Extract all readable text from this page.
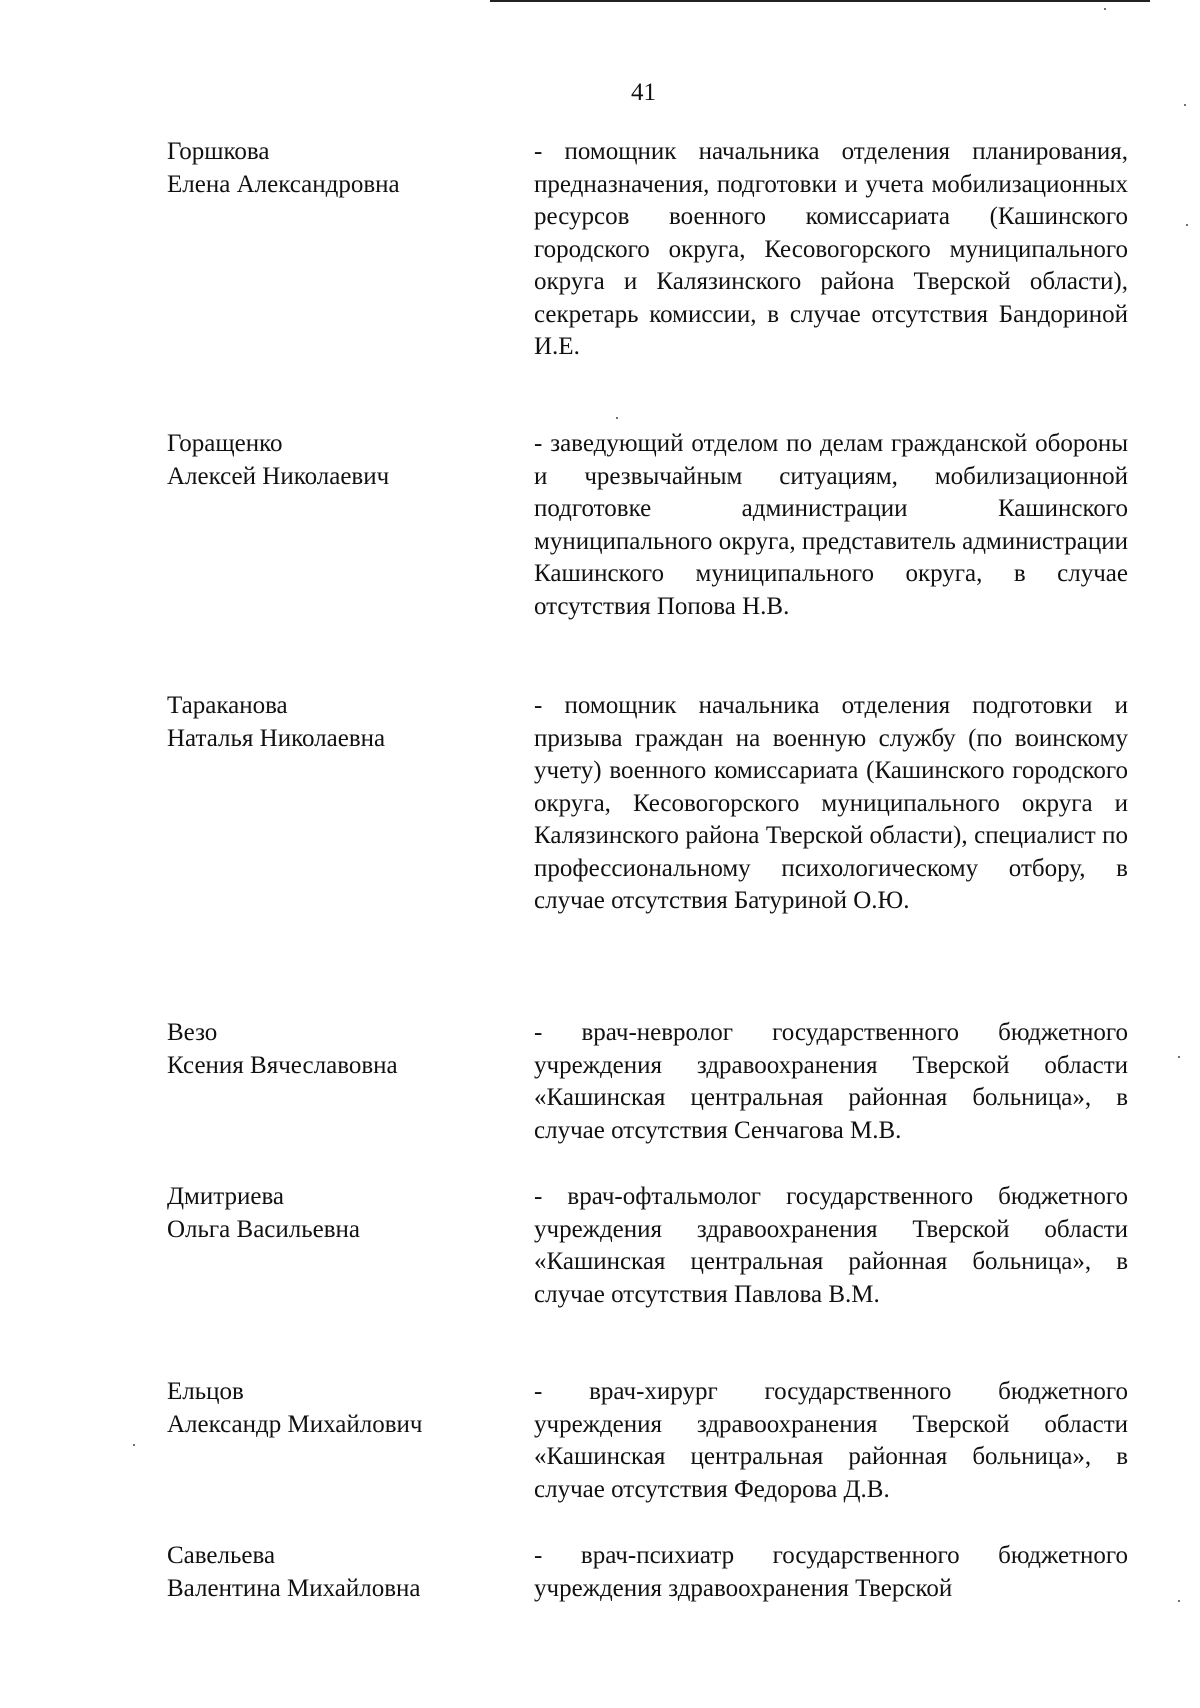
41
Горшкова
Елена Александровна
- помощник начальника отделения планирования, предназначения, подготовки и учета мобилизационных ресурсов военного комиссариата (Кашинского городского округа, Кесовогорского муниципального округа и Калязинского района Тверской области), секретарь комиссии, в случае отсутствия Бандориной И.Е.
Горащенко
Алексей Николаевич
- заведующий отделом по делам гражданской обороны и чрезвычайным ситуациям, мобилизационной подготовке администрации Кашинского муниципального округа, представитель администрации Кашинского муниципального округа, в случае отсутствия Попова Н.В.
Тараканова
Наталья Николаевна
- помощник начальника отделения подготовки и призыва граждан на военную службу (по воинскому учету) военного комиссариата (Кашинского городского округа, Кесовогорского муниципального округа и Калязинского района Тверской области), специалист по профессиональному психологическому отбору, в случае отсутствия Батуриной О.Ю.
Везо
Ксения Вячеславовна
- врач-невролог государственного бюджетного учреждения здравоохранения Тверской области «Кашинская центральная районная больница», в случае отсутствия Сенчагова М.В.
Дмитриева
Ольга Васильевна
- врач-офтальмолог государственного бюджетного учреждения здравоохранения Тверской области «Кашинская центральная районная больница», в случае отсутствия Павлова В.М.
Ельцов
Александр Михайлович
- врач-хирург государственного бюджетного учреждения здравоохранения Тверской области «Кашинская центральная районная больница», в случае отсутствия Федорова Д.В.
Савельева
Валентина Михайловна
- врач-психиатр государственного бюджетного учреждения здравоохранения Тверской
